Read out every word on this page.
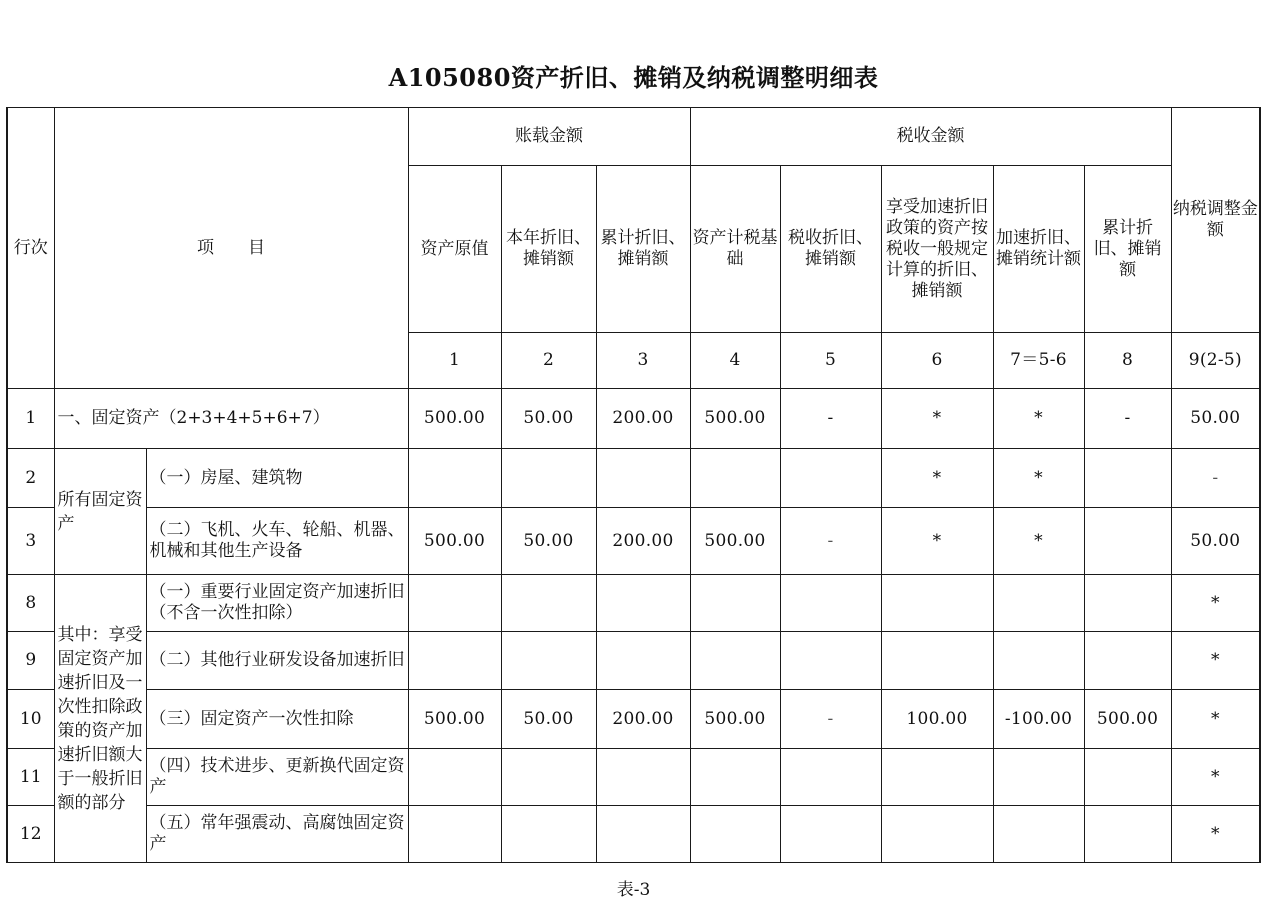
A105080资产折旧、摊销及纳税调整明细表
行次	项　　目		账载金额			税收金额					纳税调整金额
			资产原值	本年折旧、摊销额	累计折旧、摊销额	资产计税基础	税收折旧、摊销额	享受加速折旧政策的资产按税收一般规定计算的折旧、摊销额	加速折旧、摊销统计额	累计折旧、摊销额	
			1	2	3	4	5	6	7＝5-6	8	9(2-5)
1	一、固定资产（2+3+4+5+6+7）		500.00	50.00	200.00	500.00	-	*	*	-	50.00
2	所有固定资产	（一）房屋、建筑物						*	*		-
3		（二）飞机、火车、轮船、机器、机械和其他生产设备	500.00	50.00	200.00	500.00	-	*	*		50.00
8	其中：享受固定资产加速折旧及一次性扣除政策的资产加速折旧额大于一般折旧额的部分	（一）重要行业固定资产加速折旧（不含一次性扣除）									*
9		（二）其他行业研发设备加速折旧									*
10		（三）固定资产一次性扣除	500.00	50.00	200.00	500.00	-	100.00	-100.00	500.00	*
11		（四）技术进步、更新换代固定资产									*
12		（五）常年强震动、高腐蚀固定资产									*
表-3
